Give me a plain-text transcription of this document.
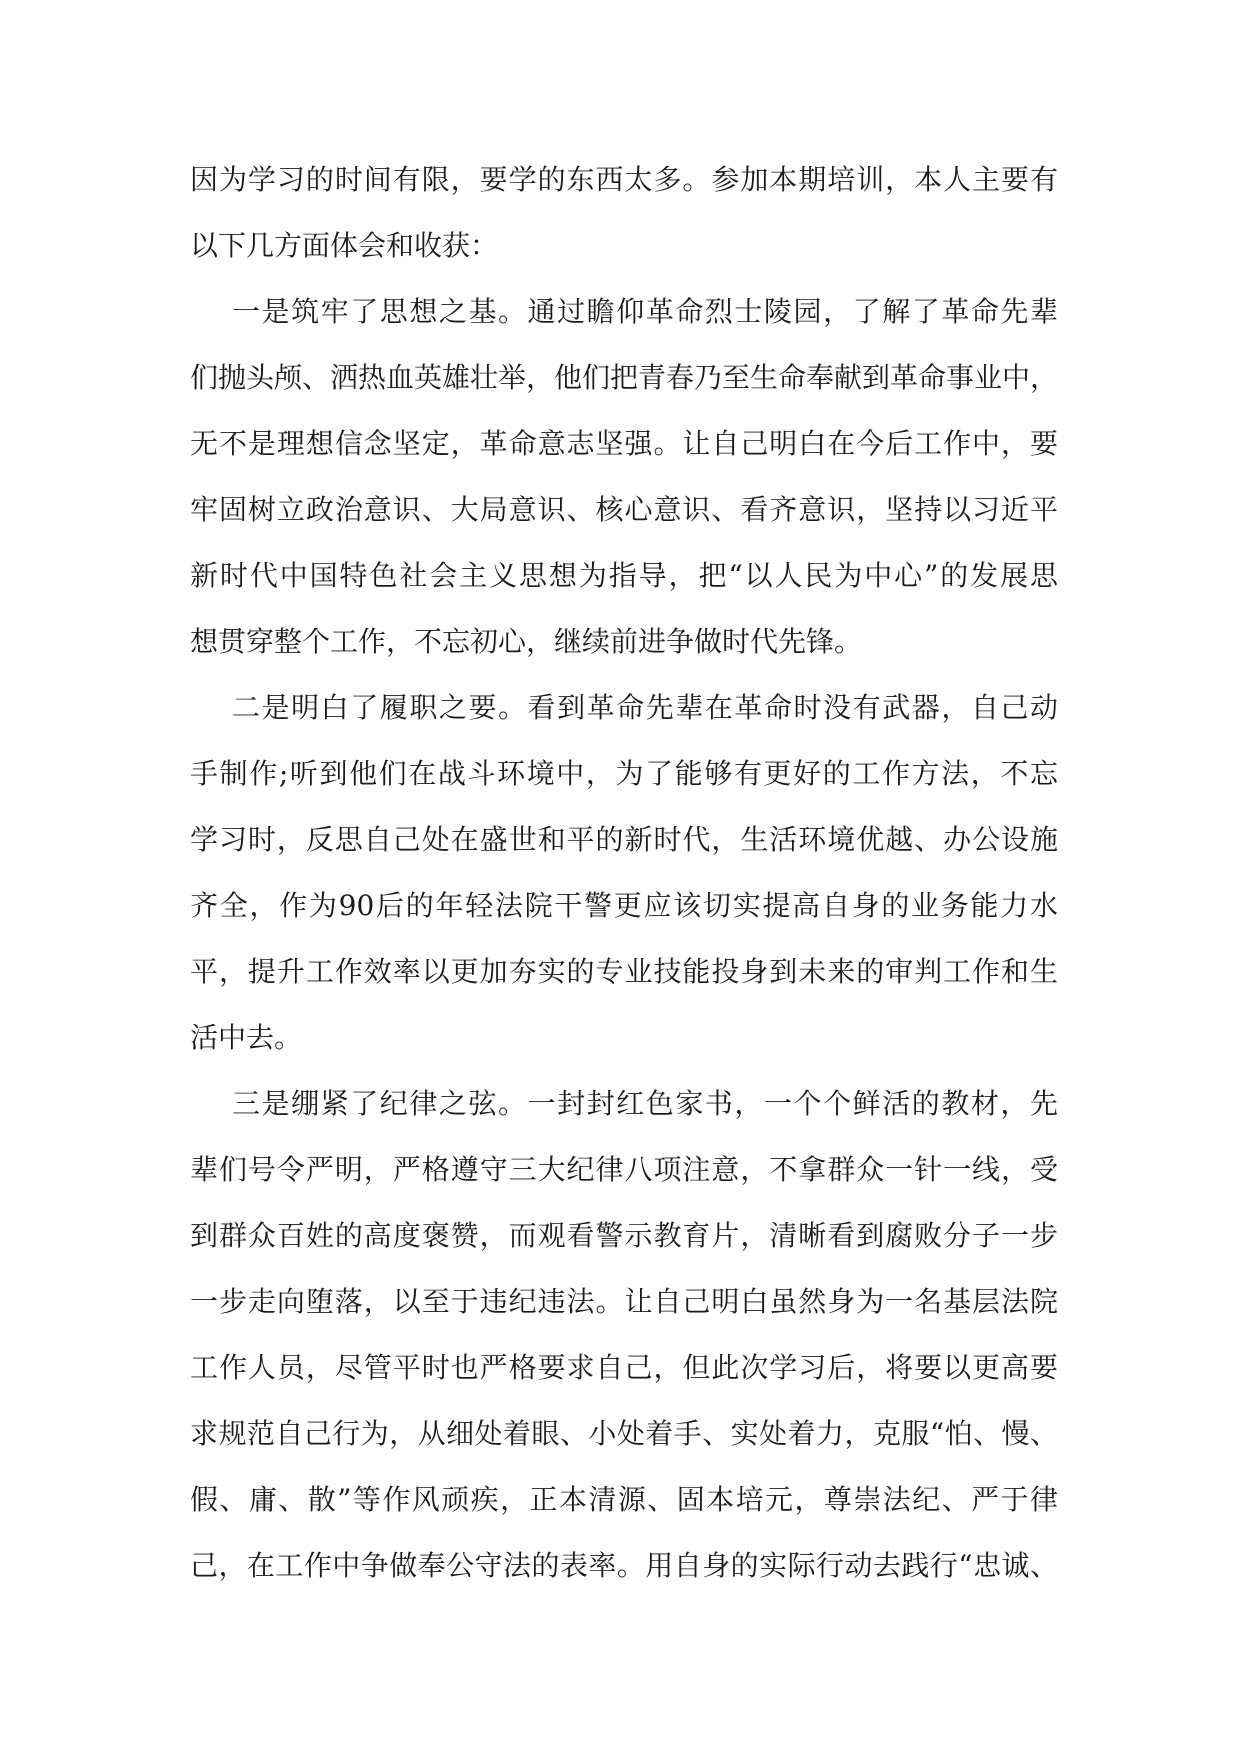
因为学习的时间有限，要学的东西太多。参加本期培训，本人主要有
以下几方面体会和收获：
一是筑牢了思想之基。通过瞻仰革命烈士陵园，了解了革命先辈
们抛头颅、洒热血英雄壮举，他们把青春乃至生命奉献到革命事业中，
无不是理想信念坚定，革命意志坚强。让自己明白在今后工作中，要
牢固树立政治意识、大局意识、核心意识、看齐意识，坚持以习近平
新时代中国特色社会主义思想为指导，把“以人民为中心”的发展思
想贯穿整个工作，不忘初心，继续前进争做时代先锋。
二是明白了履职之要。看到革命先辈在革命时没有武器，自己动
手制作;听到他们在战斗环境中，为了能够有更好的工作方法，不忘
学习时，反思自己处在盛世和平的新时代，生活环境优越、办公设施
齐全，作为90后的年轻法院干警更应该切实提高自身的业务能力水
平，提升工作效率以更加夯实的专业技能投身到未来的审判工作和生
活中去。
三是绷紧了纪律之弦。一封封红色家书，一个个鲜活的教材，先
辈们号令严明，严格遵守三大纪律八项注意，不拿群众一针一线，受
到群众百姓的高度褒赞，而观看警示教育片，清晰看到腐败分子一步
一步走向堕落，以至于违纪违法。让自己明白虽然身为一名基层法院
工作人员，尽管平时也严格要求自己，但此次学习后，将要以更高要
求规范自己行为，从细处着眼、小处着手、实处着力，克服“怕、慢、
假、庸、散”等作风顽疾，正本清源、固本培元，尊崇法纪、严于律
己，在工作中争做奉公守法的表率。用自身的实际行动去践行“忠诚、
